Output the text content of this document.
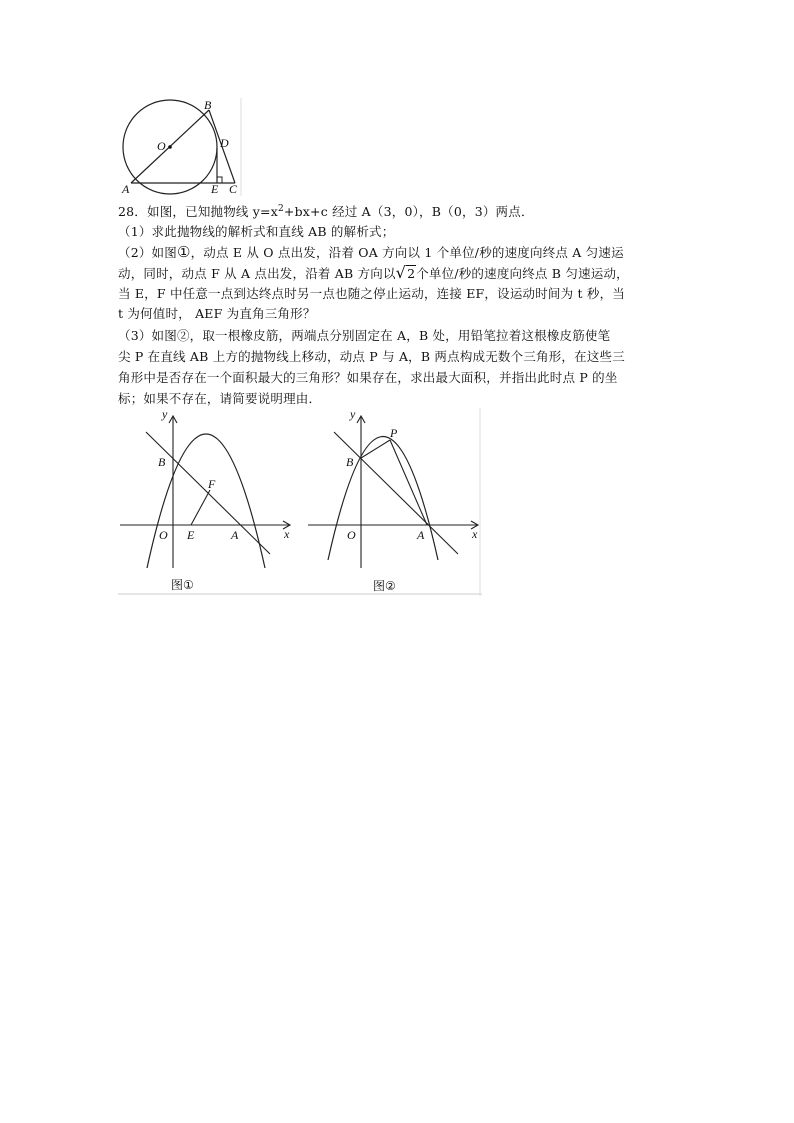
B
O	D
A	E C
28．如图，已知抛物线 $y=x^2+bx+c$ 经过 A（3，0），B（0，3）两点．
（1）求此抛物线的解析式和直线 AB 的解析式；
（2）如图①，动点 E 从 O 点出发，沿着 OA 方向以 1 个单位/秒的速度向终点 A 匀速运
动，同时，动点 F 从 A 点出发，沿着 AB 方向以√2个单位/秒的速度向终点 B 匀速运动，
当 E，F 中任意一点到达终点时另一点也随之停止运动，连接 EF，设运动时间为 t 秒，当
t 为何值时， AEF 为直角三角形？
（3）如图②，取一根橡皮筋，两端点分别固定在 A，B 处，用铅笔拉着这根橡皮筋使笔
尖 P 在直线 AB 上方的抛物线上移动，动点 P 与 A，B 两点构成无数个三角形，在这些三
角形中是否存在一个面积最大的三角形？如果存在，求出最大面积，并指出此时点 P 的坐
标；如果不存在，请简要说明理由．
y
B
F
O E	A	x
图①
y
P
B
O	A	x
图②
